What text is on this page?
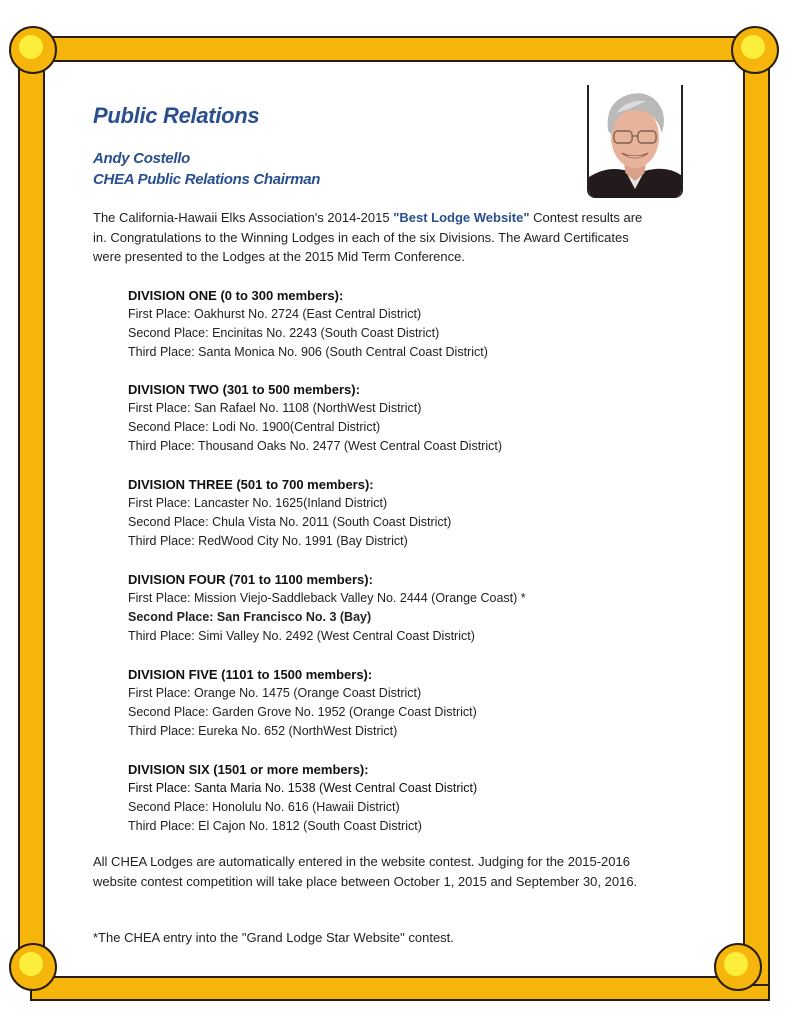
Public Relations
Andy Costello
CHEA Public Relations Chairman
The California-Hawaii Elks Association's 2014-2015 "Best Lodge Website" Contest results are in. Congratulations to the Winning Lodges in each of the six Divisions. The Award Certificates were presented to the Lodges at the 2015 Mid Term Conference.
DIVISION ONE (0 to 300 members):
First Place: Oakhurst No. 2724 (East Central District)
Second Place: Encinitas No. 2243 (South Coast District)
Third Place: Santa Monica No. 906 (South Central Coast District)
DIVISION TWO (301 to 500 members):
First Place: San Rafael No. 1108 (NorthWest District)
Second Place: Lodi No. 1900(Central District)
Third Place: Thousand Oaks No. 2477 (West Central Coast District)
DIVISION THREE (501 to 700 members):
First Place: Lancaster No. 1625(Inland District)
Second Place: Chula Vista No. 2011 (South Coast District)
Third Place: RedWood City No. 1991 (Bay District)
DIVISION FOUR (701 to 1100 members):
First Place: Mission Viejo-Saddleback Valley No. 2444 (Orange Coast) *
Second Place: San Francisco No. 3 (Bay)
Third Place: Simi Valley No. 2492 (West Central Coast District)
DIVISION FIVE (1101 to 1500 members):
First Place: Orange No. 1475 (Orange Coast District)
Second Place: Garden Grove No. 1952 (Orange Coast District)
Third Place: Eureka No. 652 (NorthWest District)
DIVISION SIX (1501 or more members):
First Place: Santa Maria No. 1538 (West Central Coast District)
Second Place: Honolulu No. 616 (Hawaii District)
Third Place: El Cajon No. 1812 (South Coast District)
All CHEA Lodges are automatically entered in the website contest. Judging for the 2015-2016 website contest competition will take place between October 1, 2015 and September 30, 2016.
*The CHEA entry into the "Grand Lodge Star Website" contest.
